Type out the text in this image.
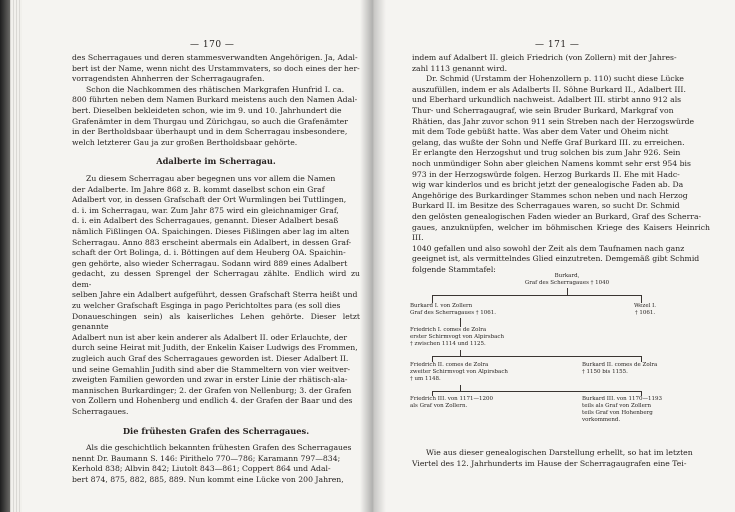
— 170 —

des Scherragaues und deren stammesverwandten Angehörigen. Ja, Adal-
bert ist der Name, wenn nicht des Urstammvaters, so doch eines der her-
vorragendsten Ahnherren der Scherragaugrafen.

Schon die Nachkommen des rhätischen Markgrafen Hunfrid I. ca.
800 führten neben dem Namen Burkard meistens auch den Namen Adal-
bert. Dieselben bekleideten schon, wie im 9. und 10. Jahrhundert die
Grafenämter in dem Thurgau und Zürichgau, so auch die Grafenämter
in der Bertholdsbaar überhaupt und in dem Scherragau insbesondere,
welch letzterer Gau ja zur großen Bertholdsbaar gehörte.

Adalberte im Scherragau.

Zu diesem Scherragau aber begegnen uns vor allem die Namen
der Adalberte. Im Jahre 868 z. B. kommt daselbst schon ein Graf
Adalbert vor, in dessen Grafschaft der Ort Wurmlingen bei Tuttlingen,
d. i. im Scherragau, war. Zum Jahr 875 wird ein gleichnamiger Graf,
d. i. ein Adalbert des Scherragaues, genannt. Dieser Adalbert besaß
nämlich Fißlingen OA. Spaichingen. Dieses Fißlingen aber lag im alten
Scherragau. Anno 883 erscheint abermals ein Adalbert, in dessen Graf-
schaft der Ort Bolinga, d. i. Böttingen auf dem Heuberg OA. Spaichin-
gen gehörte, also wieder Scherragau. Sodann wird 889 eines Adalbert
gedacht, zu dessen Sprengel der Scherragau zählte. Endlich wird zu dem-
selben Jahre ein Adalbert aufgeführt, dessen Grafschaft Sterra heißt und
zu welcher Grafschaft Esginga in pago Perichtoltes para (es soll dies
Donaueschingen sein) als kaiserliches Lehen gehörte. Dieser letzt genannte
Adalbert nun ist aber kein anderer als Adalbert II. oder Erlauchte, der
durch seine Heirat mit Judith, der Enkelin Kaiser Ludwigs des Frommen,
zugleich auch Graf des Scherragaues geworden ist. Dieser Adalbert II.
und seine Gemahlin Judith sind aber die Stammeltern von vier weitver-
zweigten Familien geworden und zwar in erster Linie der rhätisch-ala-
mannischen Burkardinger; 2. der Grafen von Nellenburg; 3. der Grafen
von Zollern und Hohenberg und endlich 4. der Grafen der Baar und des
Scherragaues.

Die frühesten Grafen des Scherragaues.

Als die geschichtlich bekannten frühesten Grafen des Scherragaues
nennt Dr. Baumann S. 146: Pirithelo 770—786; Karamann 797—834;
Kerhold 838; Albvin 842; Liutolt 843—861; Coppert 864 und Adal-
bert 874, 875, 882, 885, 889. Nun kommt eine Lücke von 200 Jahren,

— 171 —

indem auf Adalbert II. gleich Friedrich (von Zollern) mit der Jahres-
zahl 1113 genannt wird.

Dr. Schmid (Urstamm der Hohenzollern p. 110) sucht diese Lücke
auszufüllen, indem er als Adalberts II. Söhne Burkard II., Adalbert III.
und Eberhard urkundlich nachweist. Adalbert III. stirbt anno 912 als
Thur- und Scherragaugraf, wie sein Bruder Burkard, Markgraf von
Rhätien, das Jahr zuvor schon 911 sein Streben nach der Herzogswürde
mit dem Tode gebüßt hatte. Was aber dem Vater und Oheim nicht
gelang, das wußte der Sohn und Neffe Graf Burkard III. zu erreichen.
Er erlangte den Herzogshut und trug solchen bis zum Jahr 926. Sein
noch unmündiger Sohn aber gleichen Namens kommt sehr erst 954 bis
973 in der Herzogswürde folgen. Herzog Burkards II. Ehe mit Hadc-
wig war kinderlos und es bricht jetzt der genealogische Faden ab. Da
Angehörige des Burkardinger Stammes schon neben und nach Herzog
Burkard II. im Besitze des Scherragaues waren, so sucht Dr. Schmid
den gelösten genealogischen Faden wieder an Burkard, Graf des Scherra-
gaues, anzuknüpfen, welcher im böhmischen Kriege des Kaisers Heinrich III.
1040 gefallen und also sowohl der Zeit als dem Taufnamen nach ganz
geeignet ist, als vermittelndes Glied einzutreten. Demgemäß gibt Schmid
folgende Stammtafel:

Burkard,
Graf des Scherragaues † 1040
Burkard I. von Zollern
Graf des Scherragaues † 1061.
Wezel I.
† 1061.
Friedrich I. comes de Zolra
erster Schirmvogt von Alpirsbach
† zwischen 1114 und 1125.
Friedrich II. comes de Zolra
zweiter Schirmvogt von Alpirsbach
† um 1148.
Burkard II. comes de Zolra
† 1150 bis 1155.
Friedrich III. von 1171—1200
als Graf von Zollern.
Burkard III. von 1170—1193
teils als Graf von Zollern
teils Graf von Hohenberg
vorkommend.

Wie aus dieser genealogischen Darstellung erhellt, so hat im letzten
Viertel des 12. Jahrhunderts im Hause der Scherragaugrafen eine Tei-
